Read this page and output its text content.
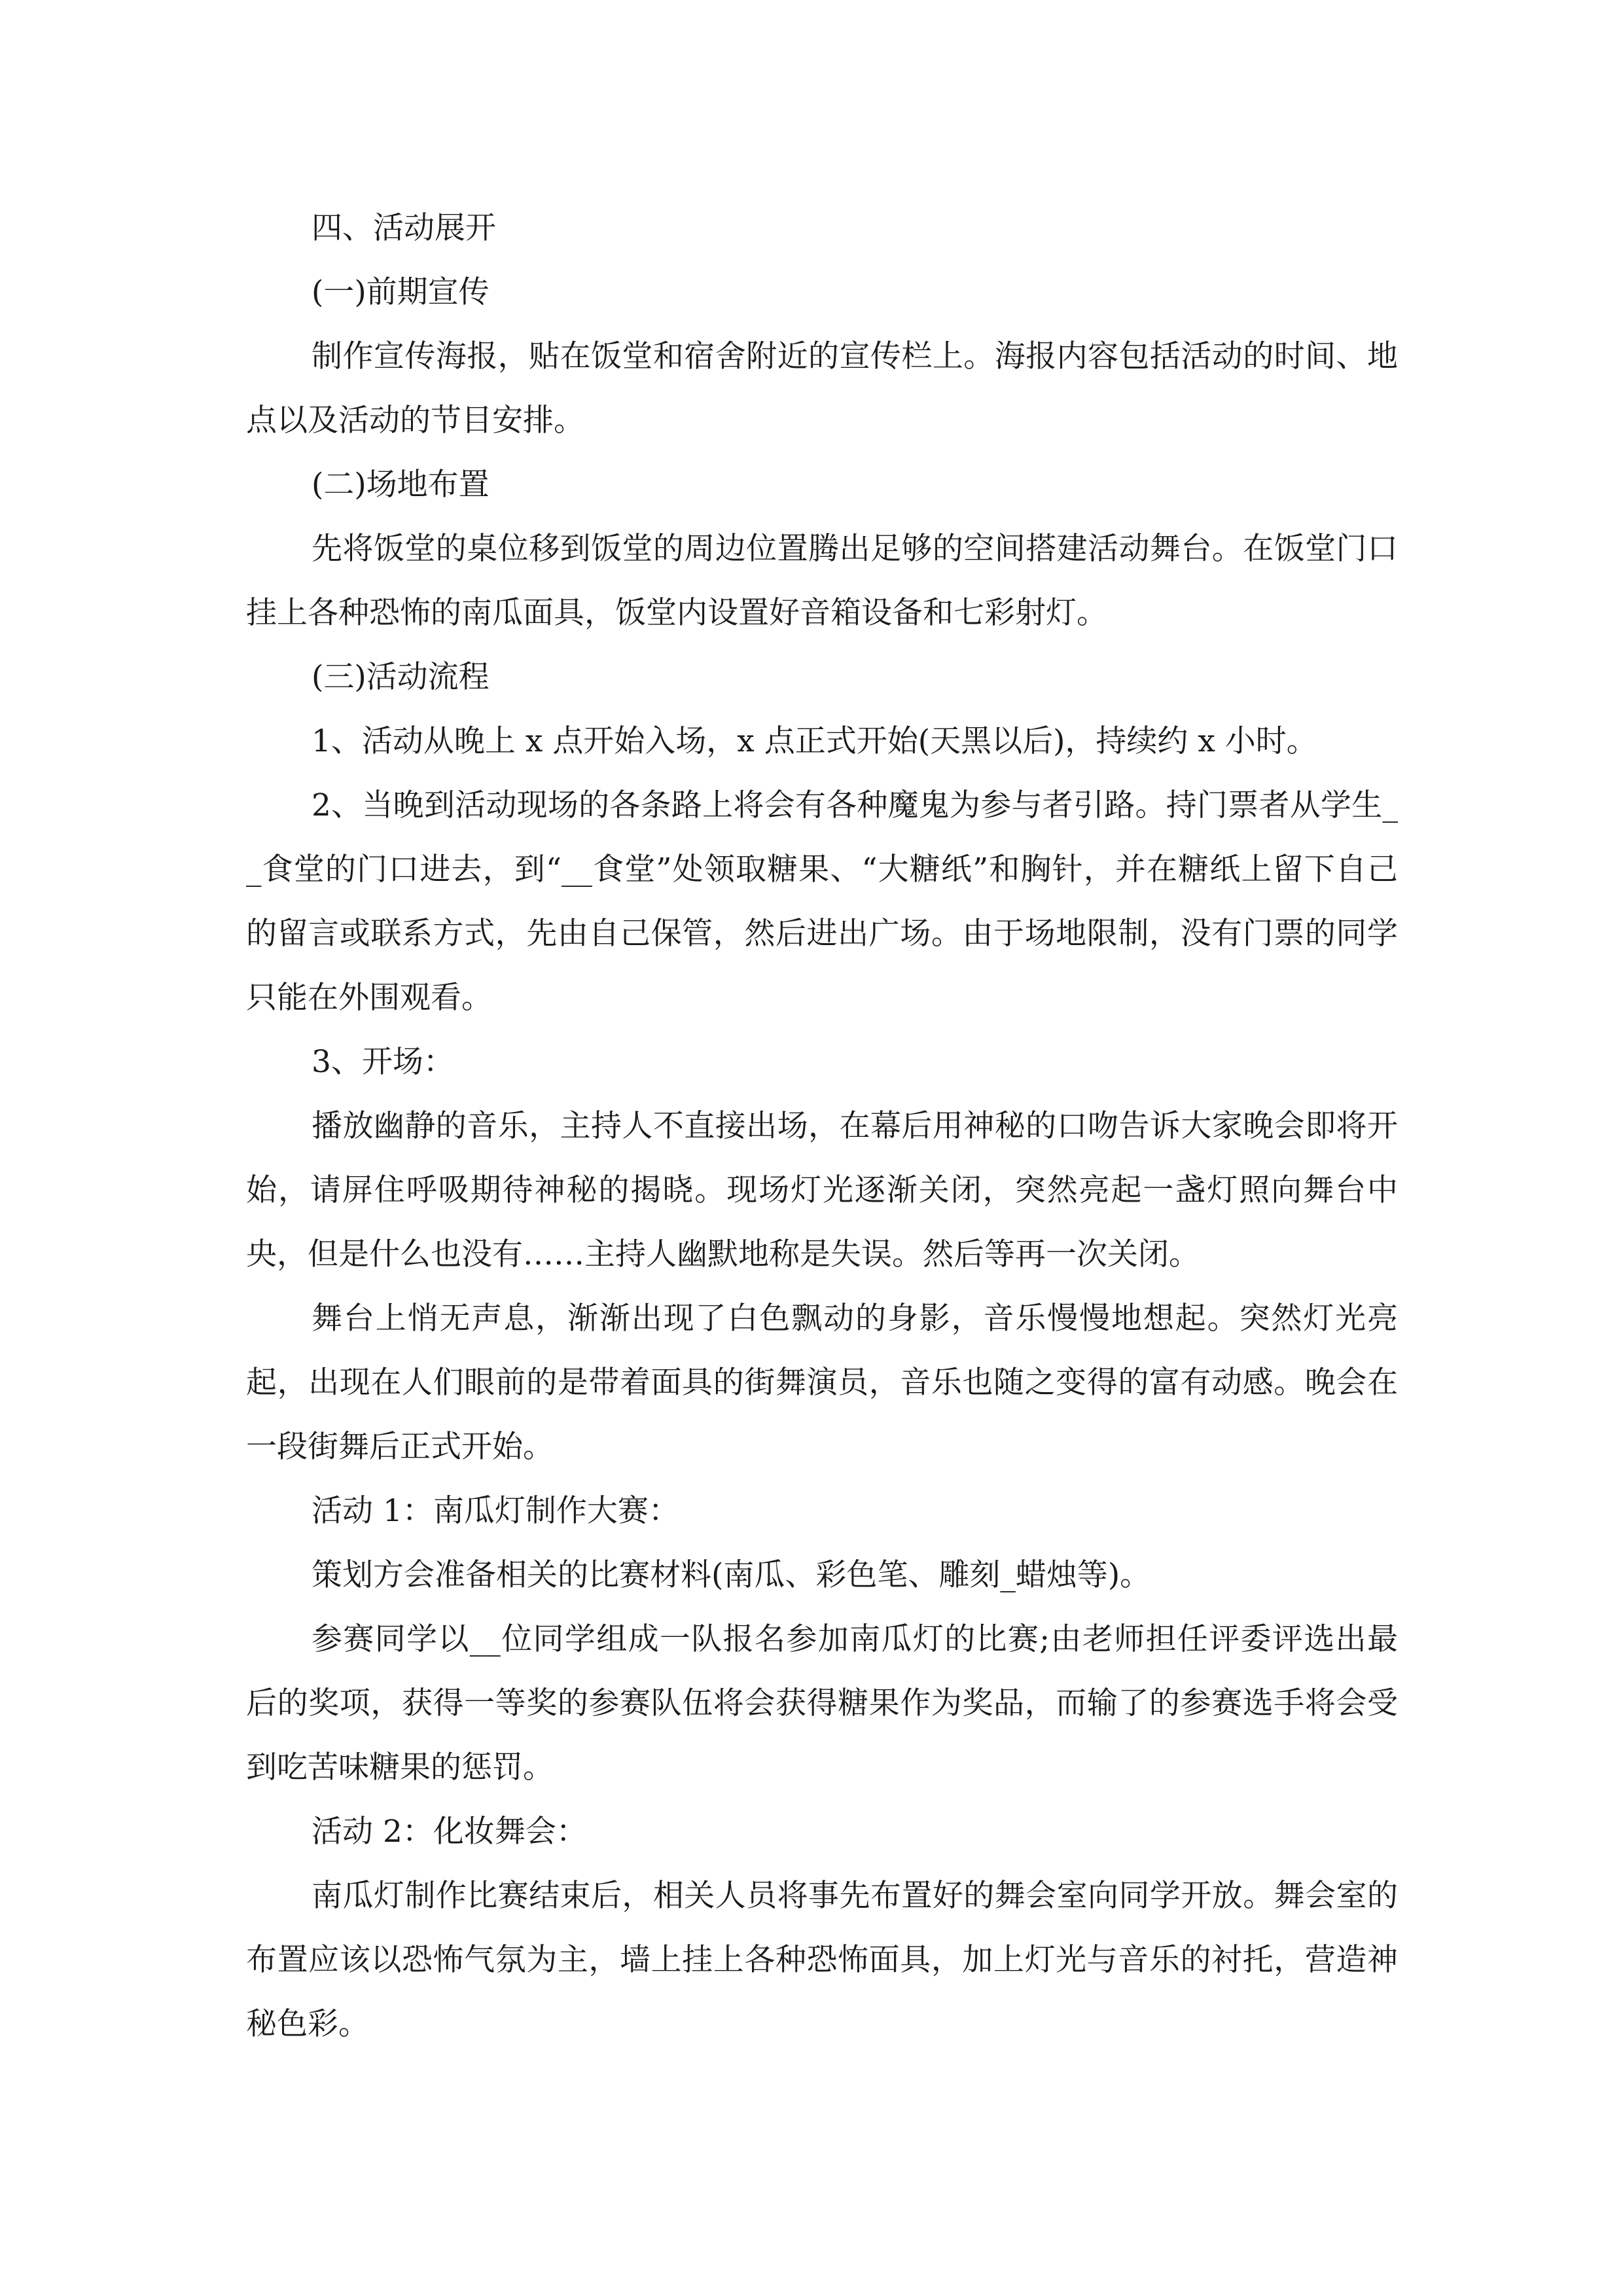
四、活动展开

(一)前期宣传

制作宣传海报，贴在饭堂和宿舍附近的宣传栏上。海报内容包括活动的时间、地点以及活动的节目安排。

(二)场地布置

先将饭堂的桌位移到饭堂的周边位置腾出足够的空间搭建活动舞台。在饭堂门口挂上各种恐怖的南瓜面具，饭堂内设置好音箱设备和七彩射灯。

(三)活动流程

1、活动从晚上 x 点开始入场，x 点正式开始(天黑以后)，持续约 x 小时。

2、当晚到活动现场的各条路上将会有各种魔鬼为参与者引路。持门票者从学生__食堂的门口进去，到“__食堂”处领取糖果、“大糖纸”和胸针，并在糖纸上留下自己的留言或联系方式，先由自己保管，然后进出广场。由于场地限制，没有门票的同学只能在外围观看。

3、开场：

播放幽静的音乐，主持人不直接出场，在幕后用神秘的口吻告诉大家晚会即将开始，请屏住呼吸期待神秘的揭晓。现场灯光逐渐关闭，突然亮起一盏灯照向舞台中央，但是什么也没有……主持人幽默地称是失误。然后等再一次关闭。

舞台上悄无声息，渐渐出现了白色飘动的身影，音乐慢慢地想起。突然灯光亮起，出现在人们眼前的是带着面具的街舞演员，音乐也随之变得的富有动感。晚会在一段街舞后正式开始。

活动 1：南瓜灯制作大赛：

策划方会准备相关的比赛材料(南瓜、彩色笔、雕刻_蜡烛等)。

参赛同学以__位同学组成一队报名参加南瓜灯的比赛;由老师担任评委评选出最后的奖项，获得一等奖的参赛队伍将会获得糖果作为奖品，而输了的参赛选手将会受到吃苦味糖果的惩罚。

活动 2：化妆舞会：

南瓜灯制作比赛结束后，相关人员将事先布置好的舞会室向同学开放。舞会室的布置应该以恐怖气氛为主，墙上挂上各种恐怖面具，加上灯光与音乐的衬托，营造神秘色彩。
